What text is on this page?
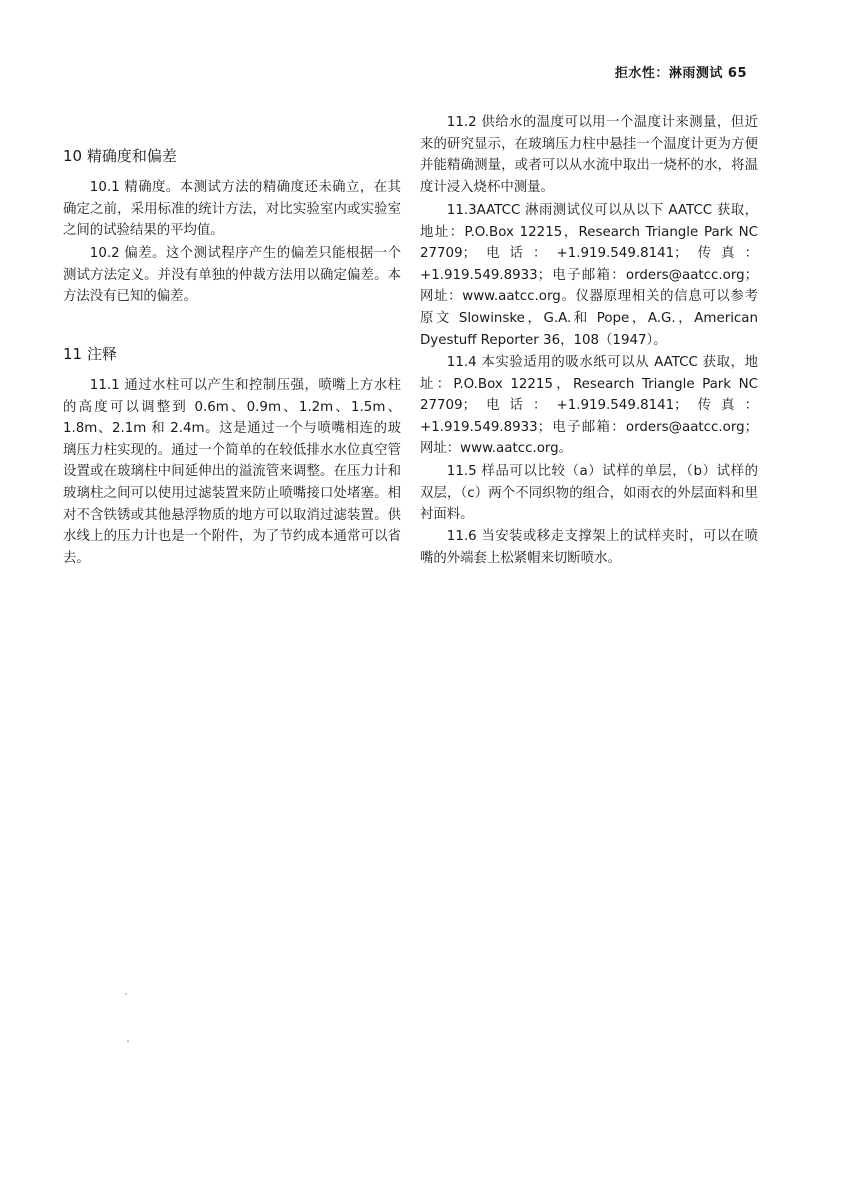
拒水性：淋雨测试 65
10 精确度和偏差

10.1 精确度。本测试方法的精确度还未确立，在其确定之前，采用标准的统计方法，对比实验室内或实验室之间的试验结果的平均值。

10.2 偏差。这个测试程序产生的偏差只能根据一个测试方法定义。并没有单独的仲裁方法用以确定偏差。本方法没有已知的偏差。

11 注释

11.1 通过水柱可以产生和控制压强，喷嘴上方水柱的高度可以调整到 0.6m、0.9m、1.2m、1.5m、1.8m、2.1m 和 2.4m。这是通过一个与喷嘴相连的玻璃压力柱实现的。通过一个简单的在较低排水水位真空管设置或在玻璃柱中间延伸出的溢流管来调整。在压力计和玻璃柱之间可以使用过滤装置来防止喷嘴接口处堵塞。相对不含铁锈或其他悬浮物质的地方可以取消过滤装置。供水线上的压力计也是一个附件，为了节约成本通常可以省去。

11.2 供给水的温度可以用一个温度计来测量，但近来的研究显示，在玻璃压力柱中悬挂一个温度计更为方便并能精确测量，或者可以从水流中取出一烧杯的水，将温度计浸入烧杯中测量。

11.3AATCC 淋雨测试仪可以从以下 AATCC 获取，地址：P.O.Box 12215，Research Triangle Park NC 27709；电话：+1.919.549.8141；传真：+1.919.549.8933；电子邮箱：orders@aatcc.org；网址：www.aatcc.org。仪器原理相关的信息可以参考原文 Slowinske，G.A.和 Pope，A.G.，American Dyestuff Reporter 36，108（1947）。

11.4 本实验适用的吸水纸可以从 AATCC 获取，地址：P.O.Box 12215，Research Triangle Park NC 27709；电话：+1.919.549.8141；传真：+1.919.549.8933；电子邮箱：orders@aatcc.org；网址：www.aatcc.org。

11.5 样品可以比较（a）试样的单层，（b）试样的双层，（c）两个不同织物的组合，如雨衣的外层面料和里衬面料。

11.6 当安装或移走支撑架上的试样夹时，可以在喷嘴的外端套上松紧帽来切断喷水。
